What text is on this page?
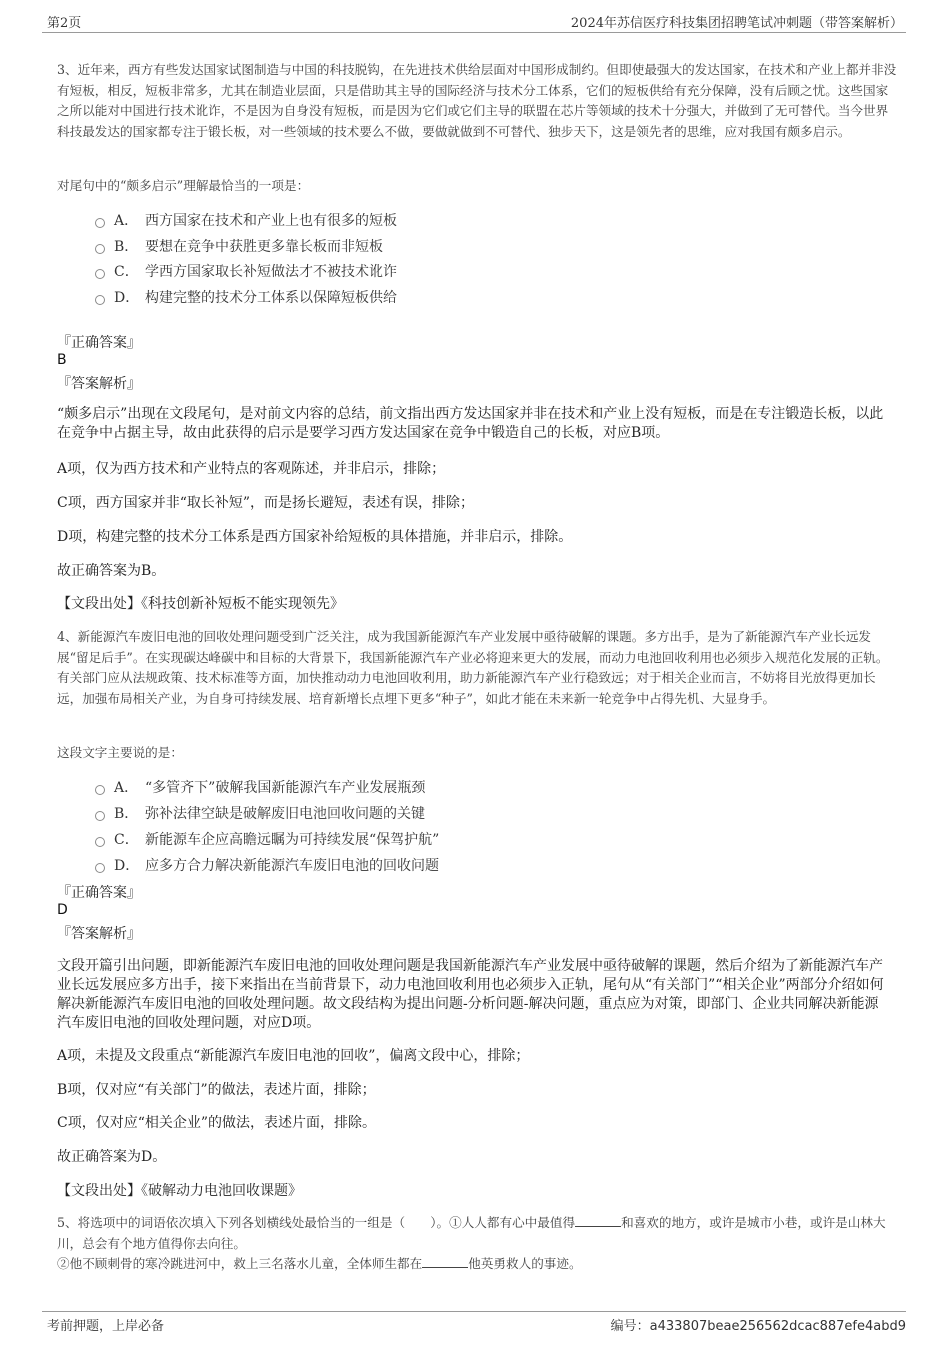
第2页	2024年苏信医疗科技集团招聘笔试冲刺题（带答案解析）

3、近年来，西方有些发达国家试图制造与中国的科技脱钩，在先进技术供给层面对中国形成制约。但即使最强大的发达国家，在技术和产业上都并非没有短板，相反，短板非常多，尤其在制造业层面，只是借助其主导的国际经济与技术分工体系，它们的短板供给有充分保障，没有后顾之忧。这些国家之所以能对中国进行技术讹诈，不是因为自身没有短板，而是因为它们或它们主导的联盟在芯片等领域的技术十分强大，并做到了无可替代。当今世界科技最发达的国家都专注于锻长板，对一些领域的技术要么不做，要做就做到不可替代、独步天下，这是领先者的思维，应对我国有颇多启示。

对尾句中的“颇多启示”理解最恰当的一项是：
A． 西方国家在技术和产业上也有很多的短板
B． 要想在竞争中获胜更多靠长板而非短板
C． 学西方国家取长补短做法才不被技术讹诈
D． 构建完整的技术分工体系以保障短板供给
『正确答案』
B
『答案解析』

“颇多启示”出现在文段尾句，是对前文内容的总结，前文指出西方发达国家并非在技术和产业上没有短板，而是在专注锻造长板，以此在竞争中占据主导，故由此获得的启示是要学习西方发达国家在竞争中锻造自己的长板，对应B项。

A项，仅为西方技术和产业特点的客观陈述，并非启示，排除；
C项，西方国家并非“取长补短”，而是扬长避短，表述有误，排除；
D项，构建完整的技术分工体系是西方国家补给短板的具体措施，并非启示，排除。
故正确答案为B。
【文段出处】《科技创新补短板不能实现领先》

4、新能源汽车废旧电池的回收处理问题受到广泛关注，成为我国新能源汽车产业发展中亟待破解的课题。多方出手，是为了新能源汽车产业长远发展“留足后手”。在实现碳达峰碳中和目标的大背景下，我国新能源汽车产业必将迎来更大的发展，而动力电池回收利用也必须步入规范化发展的正轨。有关部门应从法规政策、技术标准等方面，加快推动动力电池回收利用，助力新能源汽车产业行稳致远；对于相关企业而言，不妨将目光放得更加长远，加强布局相关产业，为自身可持续发展、培育新增长点埋下更多“种子”，如此才能在未来新一轮竞争中占得先机、大显身手。

这段文字主要说的是：
A． “多管齐下”破解我国新能源汽车产业发展瓶颈
B． 弥补法律空缺是破解废旧电池回收问题的关键
C． 新能源车企应高瞻远瞩为可持续发展“保驾护航”
D． 应多方合力解决新能源汽车废旧电池的回收问题
『正确答案』
D
『答案解析』

文段开篇引出问题，即新能源汽车废旧电池的回收处理问题是我国新能源汽车产业发展中亟待破解的课题，然后介绍为了新能源汽车产业长远发展应多方出手，接下来指出在当前背景下，动力电池回收利用也必须步入正轨，尾句从“有关部门”“相关企业”两部分介绍如何解决新能源汽车废旧电池的回收处理问题。故文段结构为提出问题-分析问题-解决问题，重点应为对策，即部门、企业共同解决新能源汽车废旧电池的回收处理问题，对应D项。

A项，未提及文段重点“新能源汽车废旧电池的回收”，偏离文段中心，排除；
B项，仅对应“有关部门”的做法，表述片面，排除；
C项，仅对应“相关企业”的做法，表述片面，排除。
故正确答案为D。
【文段出处】《破解动力电池回收课题》

5、将选项中的词语依次填入下列各划横线处最恰当的一组是（　　）。①人人都有心中最值得	和喜欢的地方，或许是城市小巷，或许是山林大川，总会有个地方值得你去向往。

②他不顾刺骨的寒冷跳进河中，救上三名落水儿童，全体师生都在	他英勇救人的事迹。

考前押题，上岸必备	编号：a433807beae256562dcac887efe4abd9
